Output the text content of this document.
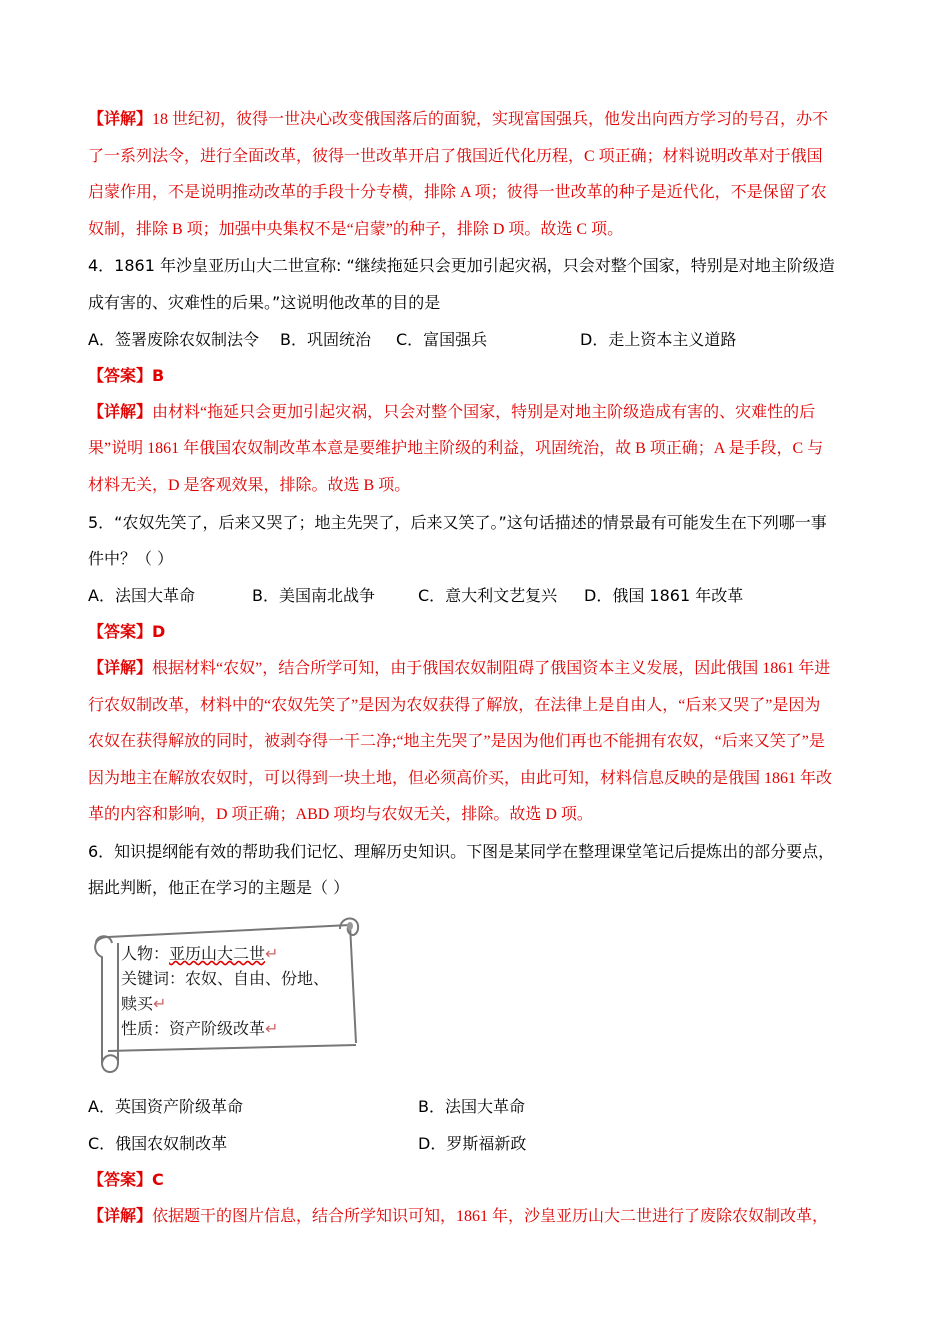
【详解】18 世纪初，彼得一世决心改变俄国落后的面貌，实现富国强兵，他发出向西方学习的号召，办不
了一系列法令，进行全面改革，彼得一世改革开启了俄国近代化历程，C 项正确；材料说明改革对于俄国
启蒙作用，不是说明推动改革的手段十分专横，排除 A 项；彼得一世改革的种子是近代化，不是保留了农
奴制，排除 B 项；加强中央集权不是“启蒙”的种子，排除 D 项。故选 C 项。
4．1861 年沙皇亚历山大二世宣称: “继续拖延只会更加引起灾祸，只会对整个国家，特别是对地主阶级造
成有害的、灾难性的后果。”这说明他改革的目的是
A．签署废除农奴制法令	B．巩固统治	C．富国强兵	D．走上资本主义道路
【答案】B
【详解】由材料“拖延只会更加引起灾祸，只会对整个国家，特别是对地主阶级造成有害的、灾难性的后
果”说明 1861 年俄国农奴制改革本意是要维护地主阶级的利益，巩固统治，故 B 项正确；A 是手段，C 与
材料无关，D 是客观效果，排除。故选 B 项。
5．“农奴先笑了，后来又哭了；地主先哭了，后来又笑了。”这句话描述的情景最有可能发生在下列哪一事
件中？（ ）
A．法国大革命	B．美国南北战争	C．意大利文艺复兴	D．俄国 1861 年改革
【答案】D
【详解】根据材料“农奴”，结合所学可知，由于俄国农奴制阻碍了俄国资本主义发展，因此俄国 1861 年进
行农奴制改革，材料中的“农奴先笑了”是因为农奴获得了解放，在法律上是自由人，“后来又哭了”是因为
农奴在获得解放的同时，被剥夺得一干二净;“地主先哭了”是因为他们再也不能拥有农奴，“后来又笑了”是
因为地主在解放农奴时，可以得到一块土地，但必须高价买，由此可知，材料信息反映的是俄国 1861 年改
革的内容和影响，D 项正确；ABD 项均与农奴无关，排除。故选 D 项。
6．知识提纲能有效的帮助我们记忆、理解历史知识。下图是某同学在整理课堂笔记后提炼出的部分要点，
据此判断，他正在学习的主题是（ ）
人物：亚历山大二世↵
关键词：农奴、自由、份地、
赎买↵
性质：资产阶级改革↵
A．英国资产阶级革命	B．法国大革命
C．俄国农奴制改革	D．罗斯福新政
【答案】C
【详解】依据题干的图片信息，结合所学知识可知，1861 年，沙皇亚历山大二世进行了废除农奴制改革，
